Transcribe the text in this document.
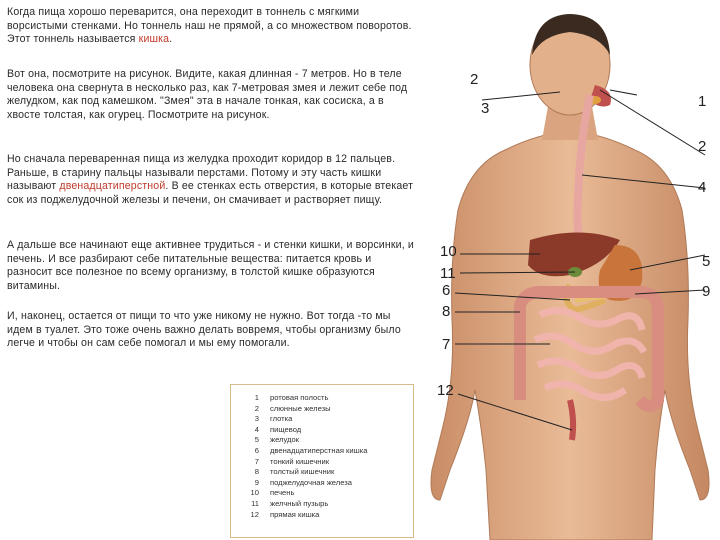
Когда пища хорошо переварится, она переходит в тоннель с мягкими ворсистыми стенками. Но тоннель наш не прямой, а со множеством поворотов. Этот тоннель называется кишка.
Вот она, посмотрите на рисунок. Видите, какая длинная - 7 метров. Но в теле человека она свернута в несколько раз, как 7-метровая змея и лежит себе под желудком, как под камешком. "Змея" эта в начале тонкая, как сосиска, а в хвосте толстая, как огурец. Посмотрите на рисунок.
Но сначала переваренная пища из желудка проходит коридор в 12 пальцев. Раньше, в старину пальцы называли перстами. Потому и эту часть кишки называют двенадцатиперстной. В ее стенках есть отверстия, в которые втекает сок из поджелудочной железы и печени, он смачивает и растворяет пищу.
А дальше все начинают еще активнее трудиться - и стенки кишки, и ворсинки, и печень. И все разбирают себе питательные вещества: питается кровь и разносит все полезное по всему организму, в толстой кишке образуются витамины.
И, наконец, остается от пищи то что уже никому не нужно. Вот тогда -то мы идем в туалет. Это тоже очень важно делать вовремя, чтобы организму было легче и чтобы он сам себе помогал и мы ему помогали.
1 ротовая полость
2 слюнные железы
3 глотка
4 пищевод
5 желудок
6 двенадцатиперстная кишка
7 тонкий кишечник
8 толстый кишечник
9 поджелудочная железа
10 печень
11 желчный пузырь
12 прямая кишка
2
3	1
2
4
10
11
6
8
7
12
5
9
